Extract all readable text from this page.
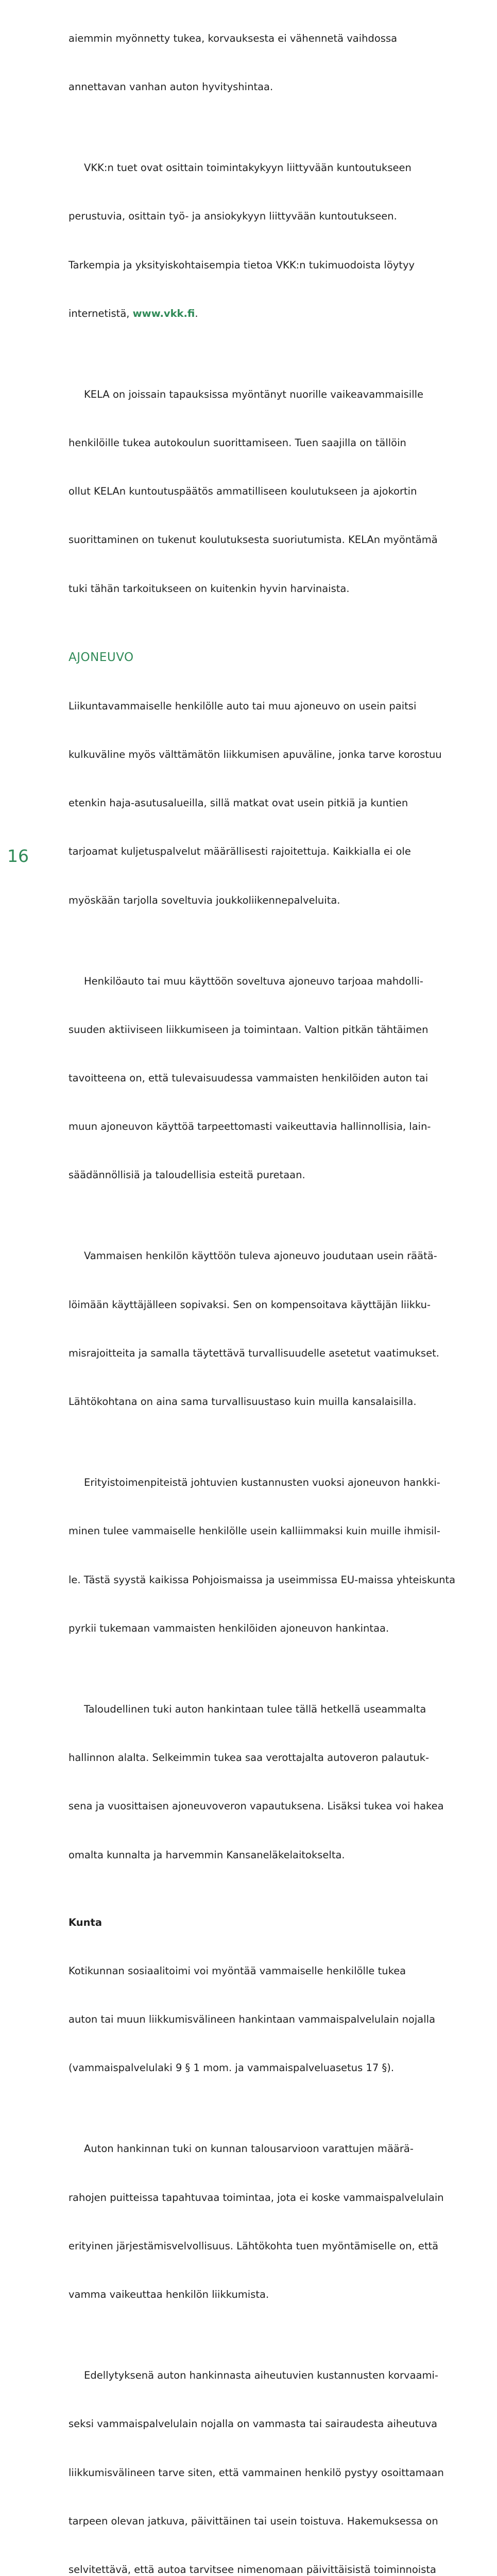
aiemmin myönnetty tukea, korvauksesta ei vähennetä vaihdossa

annettavan vanhan auton hyvityshintaa.

VKK:n tuet ovat osittain toimintakykyyn liittyvään kuntoutukseen

perustuvia, osittain työ- ja ansiokykyyn liittyvään kuntoutukseen.

Tarkempia ja yksityiskohtaisempia tietoa VKK:n tukimuodoista löytyy

internetistä, www.vkk.fi.

KELA on joissain tapauksissa myöntänyt nuorille vaikeavammaisille

henkilöille tukea autokoulun suorittamiseen. Tuen saajilla on tällöin

ollut KELAn kuntoutuspäätös ammatilliseen koulutukseen ja ajokortin

suorittaminen on tukenut koulutuksesta suoriutumista. KELAn myöntämä

tuki tähän tarkoitukseen on kuitenkin hyvin harvinaista.

AJONEUVO

Liikuntavammaiselle henkilölle auto tai muu ajoneuvo on usein paitsi

kulkuväline myös välttämätön liikkumisen apuväline, jonka tarve korostuu

etenkin haja-asutusalueilla, sillä matkat ovat usein pitkiä ja kuntien

tarjoamat kuljetuspalvelut määrällisesti rajoitettuja. Kaikkialla ei ole

myöskään tarjolla soveltuvia joukkoliikennepalveluita.

Henkilöauto tai muu käyttöön soveltuva ajoneuvo tarjoaa mahdolli-

suuden aktiiviseen liikkumiseen ja toimintaan. Valtion pitkän tähtäimen

tavoitteena on, että tulevaisuudessa vammaisten henkilöiden auton tai

muun ajoneuvon käyttöä tarpeettomasti vaikeuttavia hallinnollisia, lain-

säädännöllisiä ja taloudellisia esteitä puretaan.

Vammaisen henkilön käyttöön tuleva ajoneuvo joudutaan usein räätä-

löimään käyttäjälleen sopivaksi. Sen on kompensoitava käyttäjän liikku-

misrajoitteita ja samalla täytettävä turvallisuudelle asetetut vaatimukset.

Lähtökohtana on aina sama turvallisuustaso kuin muilla kansalaisilla.

Erityistoimenpiteistä johtuvien kustannusten vuoksi ajoneuvon hankki-

minen tulee vammaiselle henkilölle usein kalliimmaksi kuin muille ihmisil-

le. Tästä syystä kaikissa Pohjoismaissa ja useimmissa EU-maissa yhteiskunta

pyrkii tukemaan vammaisten henkilöiden ajoneuvon hankintaa.

Taloudellinen tuki auton hankintaan tulee tällä hetkellä useammalta

hallinnon alalta. Selkeimmin tukea saa verottajalta autoveron palautuk-

sena ja vuosittaisen ajoneuvoveron vapautuksena. Lisäksi tukea voi hakea

omalta kunnalta ja harvemmin Kansaneläkelaitokselta.

Kunta

Kotikunnan sosiaalitoimi voi myöntää vammaiselle henkilölle tukea

auton tai muun liikkumisvälineen hankintaan vammaispalvelulain nojalla

(vammaispalvelulaki 9 § 1 mom. ja vammaispalveluasetus 17 §).

Auton hankinnan tuki on kunnan talousarvioon varattujen määrä-

rahojen puitteissa tapahtuvaa toimintaa, jota ei koske vammaispalvelulain

erityinen järjestämisvelvollisuus. Lähtökohta tuen myöntämiselle on, että

vamma vaikeuttaa henkilön liikkumista.

Edellytyksenä auton hankinnasta aiheutuvien kustannusten korvaami-

seksi vammaispalvelulain nojalla on vammasta tai sairaudesta aiheutuva

liikkumisvälineen tarve siten, että vammainen henkilö pystyy osoittamaan

tarpeen olevan jatkuva, päivittäinen tai usein toistuva. Hakemuksessa on

selvitettävä, että autoa tarvitsee nimenomaan päivittäisistä toiminnoista

16
